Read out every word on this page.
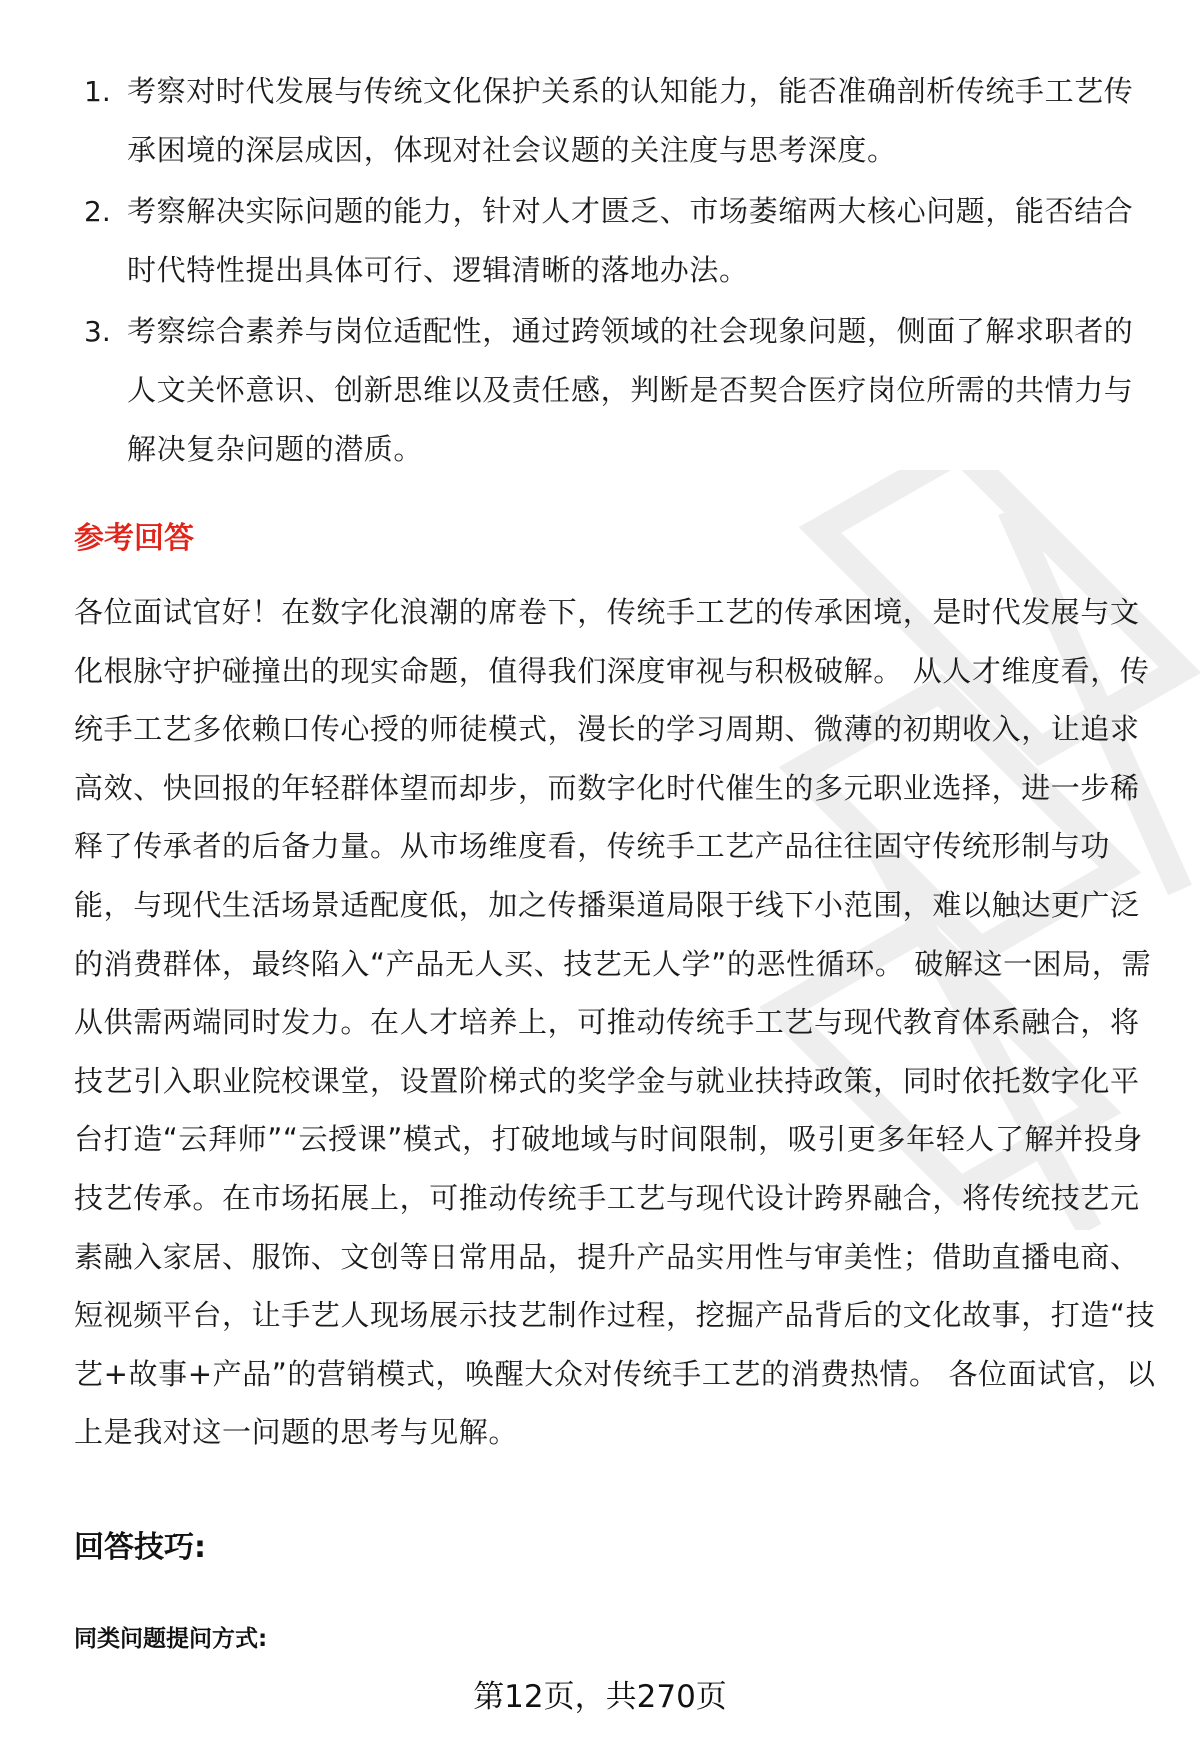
1. 考察对时代发展与传统文化保护关系的认知能力，能否准确剖析传统手工艺传承困境的深层成因，体现对社会议题的关注度与思考深度。
2. 考察解决实际问题的能力，针对人才匮乏、市场萎缩两大核心问题，能否结合时代特性提出具体可行、逻辑清晰的落地办法。
3. 考察综合素养与岗位适配性，通过跨领域的社会现象问题，侧面了解求职者的人文关怀意识、创新思维以及责任感，判断是否契合医疗岗位所需的共情力与解决复杂问题的潜质。
参考回答

各位面试官好！在数字化浪潮的席卷下，传统手工艺的传承困境，是时代发展与文化根脉守护碰撞出的现实命题，值得我们深度审视与积极破解。 从人才维度看，传统手工艺多依赖口传心授的师徒模式，漫长的学习周期、微薄的初期收入，让追求高效、快回报的年轻群体望而却步，而数字化时代催生的多元职业选择，进一步稀释了传承者的后备力量。从市场维度看，传统手工艺产品往往固守传统形制与功能，与现代生活场景适配度低，加之传播渠道局限于线下小范围，难以触达更广泛的消费群体，最终陷入“产品无人买、技艺无人学”的恶性循环。 破解这一困局，需从供需两端同时发力。在人才培养上，可推动传统手工艺与现代教育体系融合，将技艺引入职业院校课堂，设置阶梯式的奖学金与就业扶持政策，同时依托数字化平台打造“云拜师”“云授课”模式，打破地域与时间限制，吸引更多年轻人了解并投身技艺传承。在市场拓展上，可推动传统手工艺与现代设计跨界融合，将传统技艺元素融入家居、服饰、文创等日常用品，提升产品实用性与审美性；借助直播电商、短视频平台，让手艺人现场展示技艺制作过程，挖掘产品背后的文化故事，打造“技艺+故事+产品”的营销模式，唤醒大众对传统手工艺的消费热情。 各位面试官，以上是我对这一问题的思考与见解。

回答技巧:
同类问题提问方式:
第12页，共270页
